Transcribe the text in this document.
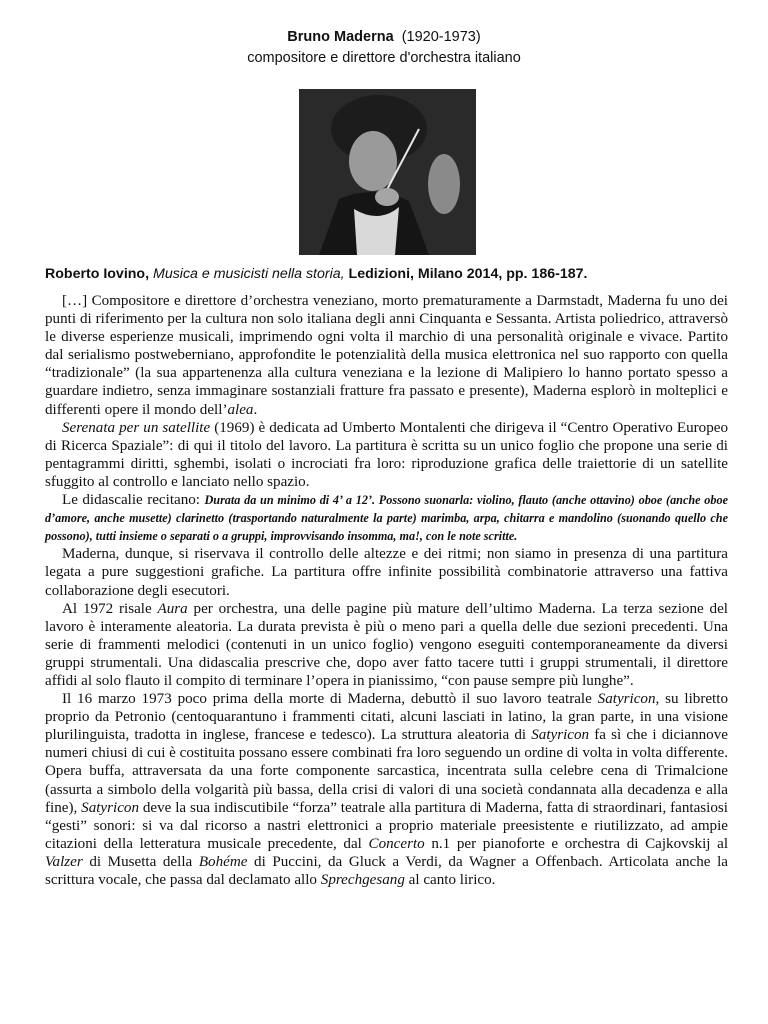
Bruno Maderna (1920-1973)
compositore e direttore d'orchestra italiano
Roberto Iovino, Musica e musicisti nella storia, Ledizioni, Milano 2014, pp. 186-187.

[…] Compositore e direttore d’orchestra veneziano, morto prematuramente a Darmstadt, Maderna fu uno dei punti di riferimento per la cultura non solo italiana degli anni Cinquanta e Sessanta. Artista poliedrico, attraversò le diverse esperienze musicali, imprimendo ogni volta il marchio di una personalità originale e vivace. Partito dal serialismo postweberniano, approfondite le potenzialità della musica elettronica nel suo rapporto con quella “tradizionale” (la sua appartenenza alla cultura veneziana e la lezione di Malipiero lo hanno portato spesso a guardare indietro, senza immaginare sostanziali fratture fra passato e presente), Maderna esplorò in molteplici e differenti opere il mondo dell’alea.

Serenata per un satellite (1969) è dedicata ad Umberto Montalenti che dirigeva il “Centro Operativo Europeo di Ricerca Spaziale”: di qui il titolo del lavoro. La partitura è scritta su un unico foglio che propone una serie di pentagrammi diritti, sghembi, isolati o incrociati fra loro: riproduzione grafica delle traiettorie di un satellite sfuggito al controllo e lanciato nello spazio.

Le didascalie recitano: Durata da un minimo di 4’ a 12’. Possono suonarla: violino, flauto (anche ottavino) oboe (anche oboe d’amore, anche musette) clarinetto (trasportando naturalmente la parte) marimba, arpa, chitarra e mandolino (suonando quello che possono), tutti insieme o separati o a gruppi, improvvisando insomma, ma!, con le note scritte.

Maderna, dunque, si riservava il controllo delle altezze e dei ritmi; non siamo in presenza di una partitura legata a pure suggestioni grafiche. La partitura offre infinite possibilità combinatorie attraverso una fattiva collaborazione degli esecutori.

Al 1972 risale Aura per orchestra, una delle pagine più mature dell’ultimo Maderna. La terza sezione del lavoro è interamente aleatoria. La durata prevista è più o meno pari a quella delle due sezioni precedenti. Una serie di frammenti melodici (contenuti in un unico foglio) vengono eseguiti contemporaneamente da diversi gruppi strumentali. Una didascalia prescrive che, dopo aver fatto tacere tutti i gruppi strumentali, il direttore affidi al solo flauto il compito di terminare l’opera in pianissimo, “con pause sempre più lunghe”.

Il 16 marzo 1973 poco prima della morte di Maderna, debuttò il suo lavoro teatrale Satyricon, su libretto proprio da Petronio (centoquarantuno i frammenti citati, alcuni lasciati in latino, la gran parte, in una visione plurilinguista, tradotta in inglese, francese e tedesco). La struttura aleatoria di Satyricon fa sì che i diciannove numeri chiusi di cui è costituita possano essere combinati fra loro seguendo un ordine di volta in volta differente. Opera buffa, attraversata da una forte componente sarcastica, incentrata sulla celebre cena di Trimalcione (assurta a simbolo della volgarità più bassa, della crisi di valori di una società condannata alla decadenza e alla fine), Satyricon deve la sua indiscutibile “forza” teatrale alla partitura di Maderna, fatta di straordinari, fantasiosi “gesti” sonori: si va dal ricorso a nastri elettronici a proprio materiale preesistente e riutilizzato, ad ampie citazioni della letteratura musicale precedente, dal Concerto n.1 per pianoforte e orchestra di Cajkovskij al Valzer di Musetta della Bohéme di Puccini, da Gluck a Verdi, da Wagner a Offenbach. Articolata anche la scrittura vocale, che passa dal declamato allo Sprechgesang al canto lirico.
